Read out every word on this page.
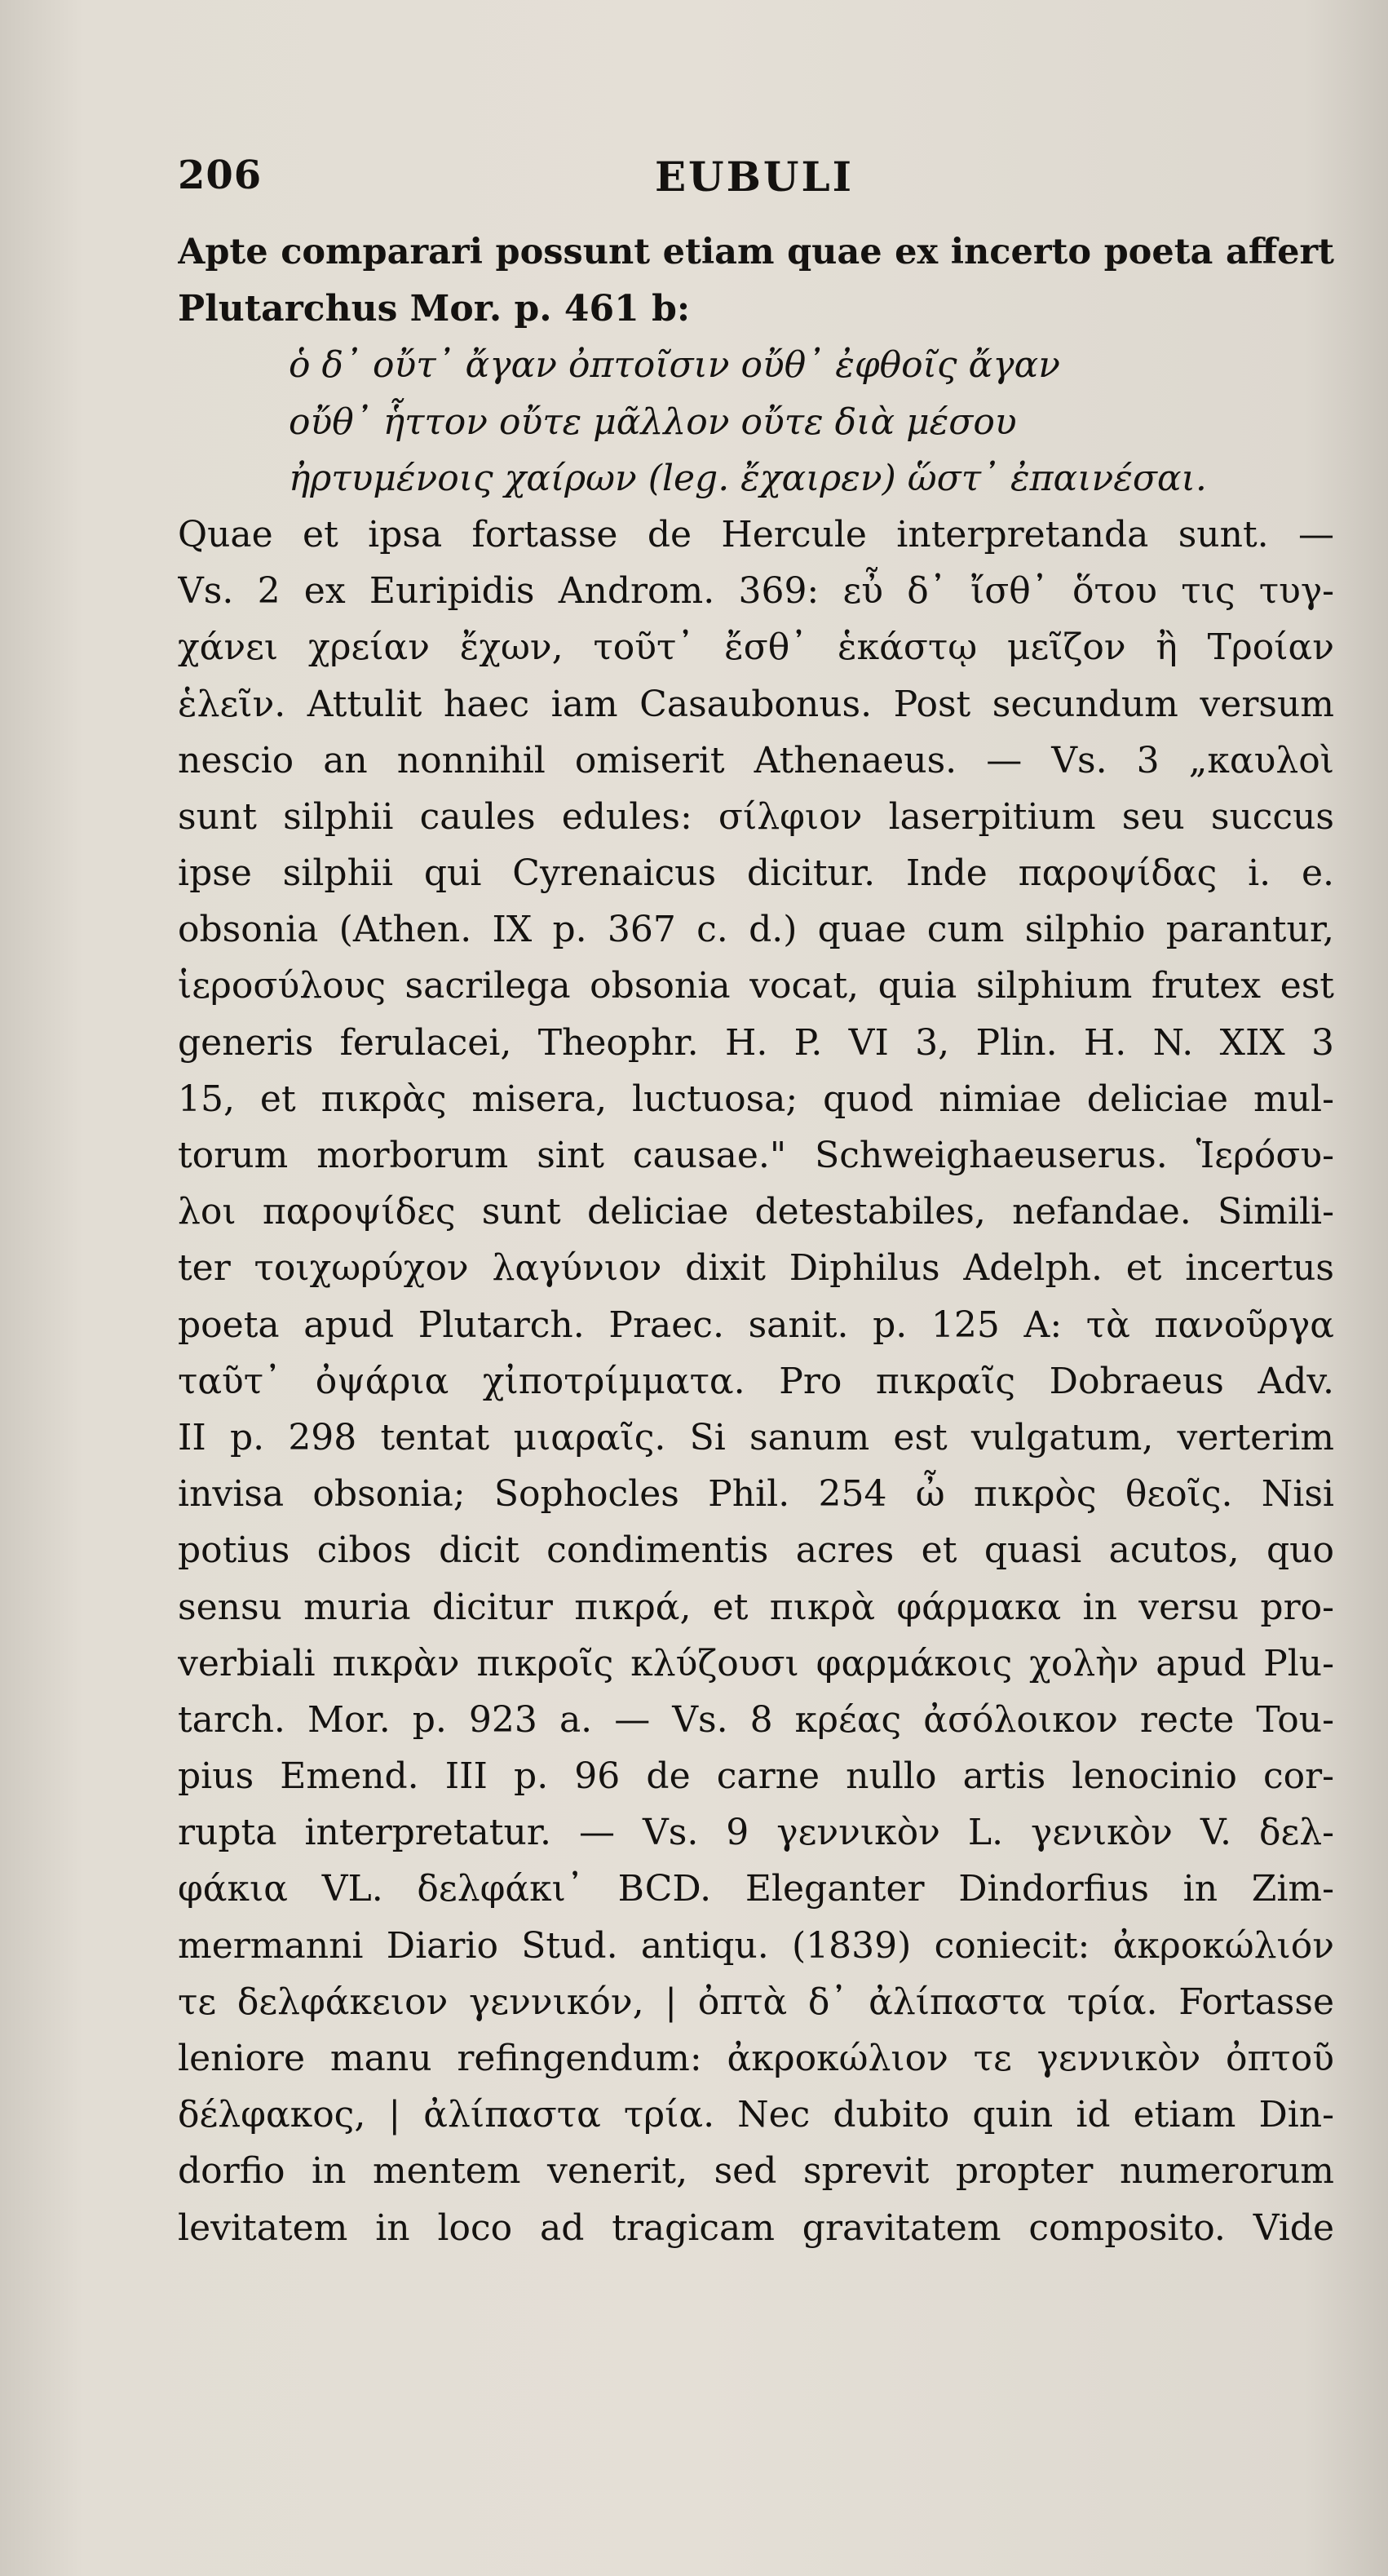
206	EUBULI
Apte comparari possunt etiam quae ex incerto poeta affert
Plutarchus Mor. p. 461 b:
ὁ δ᾽ οὔτ᾽ ἄγαν ὀπτοῖσιν οὔθ᾽ ἐφθοῖς ἄγαν
οὔθ᾽ ἧττον οὔτε μᾶλλον οὔτε διὰ μέσου
ἠρτυμένοις χαίρων (leg. ἔχαιρεν) ὥστ᾽ ἐπαινέσαι.
Quae et ipsa fortasse de Hercule interpretanda sunt. —
Vs. 2 ex Euripidis Androm. 369: εὖ δ᾽ ἴσθ᾽ ὅτου τις τυγ-
χάνει χρείαν ἔχων, τοῦτ᾽ ἔσθ᾽ ἑκάστῳ μεῖζον ἢ Τροίαν
ἑλεῖν. Attulit haec iam Casaubonus. Post secundum versum
nescio an nonnihil omiserit Athenaeus. — Vs. 3 „καυλοὶ
sunt silphii caules edules: σίλφιον laserpitium seu succus
ipse silphii qui Cyrenaicus dicitur. Inde παροψίδας i. e.
obsonia (Athen. IX p. 367 c. d.) quae cum silphio parantur,
ἱεροσύλους sacrilega obsonia vocat, quia silphium frutex est
generis ferulacei, Theophr. H. P. VI 3, Plin. H. N. XIX 3
15, et πικρὰς misera, luctuosa; quod nimiae deliciae mul-
torum morborum sint causae." Schweighaeuserus. Ἱερόσυ-
λοι παροψίδες sunt deliciae detestabiles, nefandae. Simili-
ter τοιχωρύχον λαγύνιον dixit Diphilus Adelph. et incertus
poeta apud Plutarch. Praec. sanit. p. 125 A: τὰ πανοῦργα
ταῦτ᾽ ὀψάρια χἰποτρίμματα. Pro πικραῖς Dobraeus Adv.
II p. 298 tentat μιαραῖς. Si sanum est vulgatum, verterim
invisa obsonia; Sophocles Phil. 254 ὦ πικρὸς θεοῖς. Nisi
potius cibos dicit condimentis acres et quasi acutos, quo
sensu muria dicitur πικρά, et πικρὰ φάρμακα in versu pro-
verbiali πικρὰν πικροῖς κλύζουσι φαρμάκοις χολὴν apud Plu-
tarch. Mor. p. 923 a. — Vs. 8 κρέας ἀσόλοικον recte Tou-
pius Emend. III p. 96 de carne nullo artis lenocinio cor-
rupta interpretatur. — Vs. 9 γεννικὸν L. γενικὸν V. δελ-
φάκια VL. δελφάκι᾽ BCD. Eleganter Dindorfius in Zim-
mermanni Diario Stud. antiqu. (1839) coniecit: ἀκροκώλιόν
τε δελφάκειον γεννικόν, | ὀπτὰ δ᾽ ἀλίπαστα τρία. Fortasse
leniore manu refingendum: ἀκροκώλιον τε γεννικὸν ὀπτοῦ
δέλφακος, | ἀλίπαστα τρία. Nec dubito quin id etiam Din-
dorfio in mentem venerit, sed sprevit propter numerorum
levitatem in loco ad tragicam gravitatem composito. Vide
